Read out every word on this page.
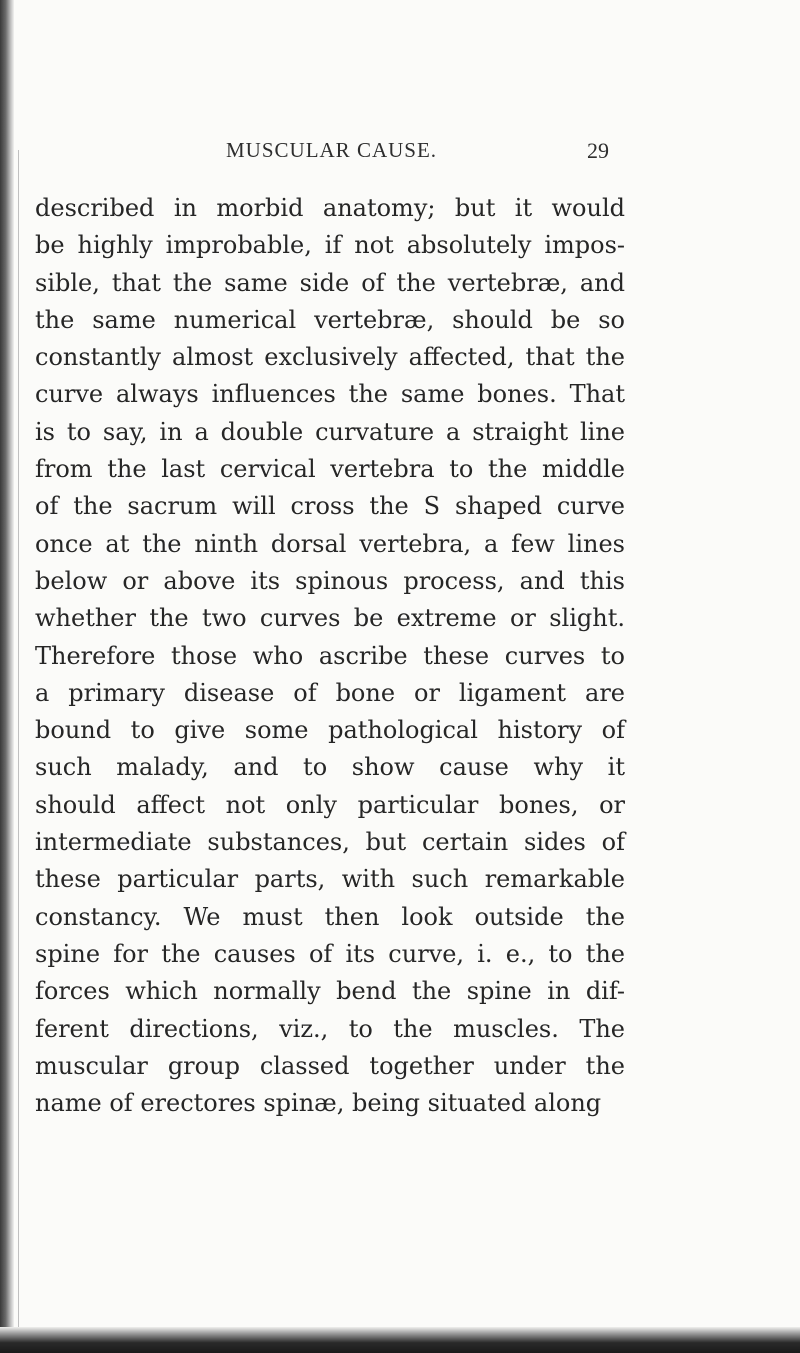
MUSCULAR CAUSE.	29
described in morbid anatomy; but it would
be highly improbable, if not absolutely impos-
sible, that the same side of the vertebræ, and
the same numerical vertebræ, should be so
constantly almost exclusively affected, that the
curve always influences the same bones. That
is to say, in a double curvature a straight line
from the last cervical vertebra to the middle
of the sacrum will cross the S shaped curve
once at the ninth dorsal vertebra, a few lines
below or above its spinous process, and this
whether the two curves be extreme or slight.
Therefore those who ascribe these curves to
a primary disease of bone or ligament are
bound to give some pathological history of
such malady, and to show cause why it
should affect not only particular bones, or
intermediate substances, but certain sides of
these particular parts, with such remarkable
constancy. We must then look outside the
spine for the causes of its curve, i. e., to the
forces which normally bend the spine in dif-
ferent directions, viz., to the muscles. The
muscular group classed together under the
name of erectores spinæ, being situated along
